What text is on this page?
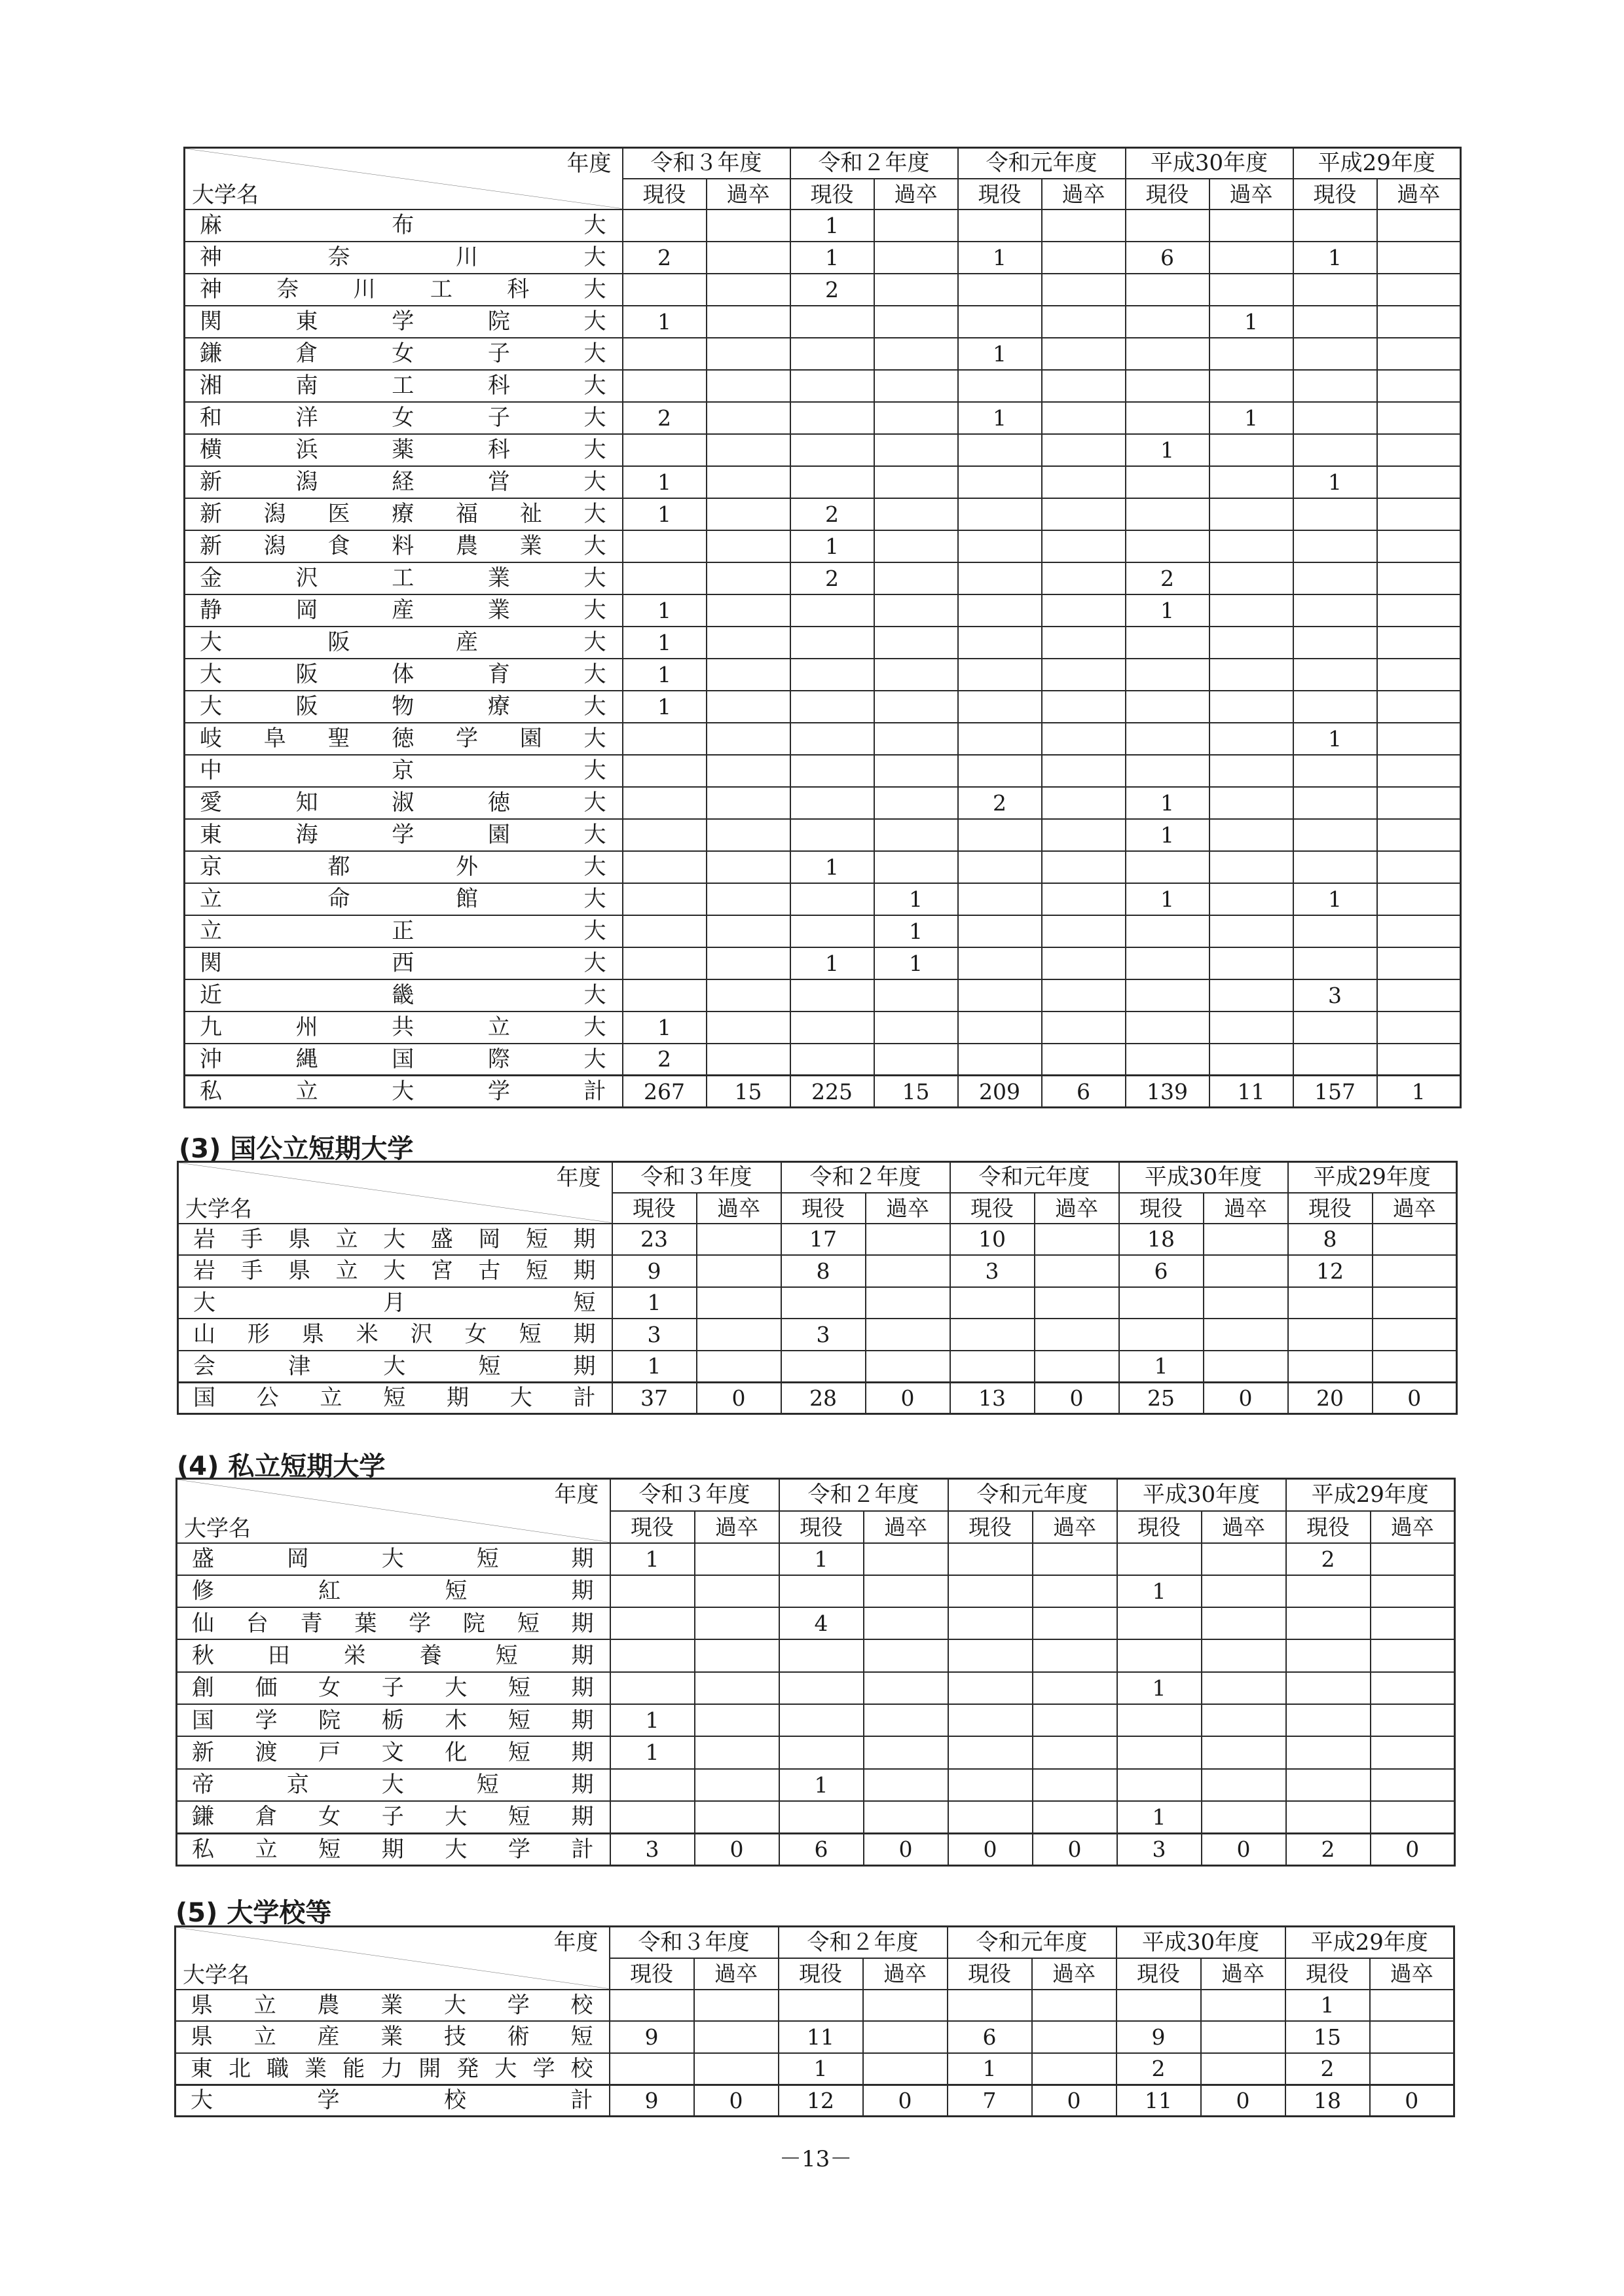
年度
大学名	令和３年度		令和２年度		令和元年度		平成30年度		平成29年度	
	現役	過卒	現役	過卒	現役	過卒	現役	過卒	現役	過卒
麻布大			1							
神奈川大	2		1		1		6		1	
神奈川工科大			2							
関東学院大	1							1		
鎌倉女子大					1					
湘南工科大										
和洋女子大	2				1			1		
横浜薬科大							1			
新潟経営大	1								1	
新潟医療福祉大	1		2							
新潟食料農業大			1							
金沢工業大			2				2			
静岡産業大	1						1			
大阪産大	1									
大阪体育大	1									
大阪物療大	1									
岐阜聖徳学園大									1	
中京大										
愛知淑徳大					2		1			
東海学園大							1			
京都外大			1							
立命館大				1			1		1	
立正大				1						
関西大			1	1						
近畿大									3	
九州共立大	1									
沖縄国際大	2									
私立大学計	267	15	225	15	209	6	139	11	157	1
(3) 国公立短期大学
年度
大学名	令和３年度		令和２年度		令和元年度		平成30年度		平成29年度	
	現役	過卒	現役	過卒	現役	過卒	現役	過卒	現役	過卒
岩手県立大盛岡短期	23		17		10		18		8	
岩手県立大宮古短期	9		8		3		6		12	
大月短	1									
山形県米沢女短期	3		3							
会津大短期	1						1			
国公立短期大計	37	0	28	0	13	0	25	0	20	0
(4) 私立短期大学
年度
大学名	令和３年度		令和２年度		令和元年度		平成30年度		平成29年度	
	現役	過卒	現役	過卒	現役	過卒	現役	過卒	現役	過卒
盛岡大短期	1		1						2	
修紅短期							1			
仙台青葉学院短期			4							
秋田栄養短期										
創価女子大短期							1			
国学院栃木短期	1									
新渡戸文化短期	1									
帝京大短期			1							
鎌倉女子大短期							1			
私立短期大学計	3	0	6	0	0	0	3	0	2	0
(5) 大学校等
年度
大学名	令和３年度		令和２年度		令和元年度		平成30年度		平成29年度	
	現役	過卒	現役	過卒	現役	過卒	現役	過卒	現役	過卒
県立農業大学校									1	
県立産業技術短	9		11		6		9		15	
東北職業能力開発大学校			1		1		2		2	
大学校計	9	0	12	0	7	0	11	0	18	0
－13－
